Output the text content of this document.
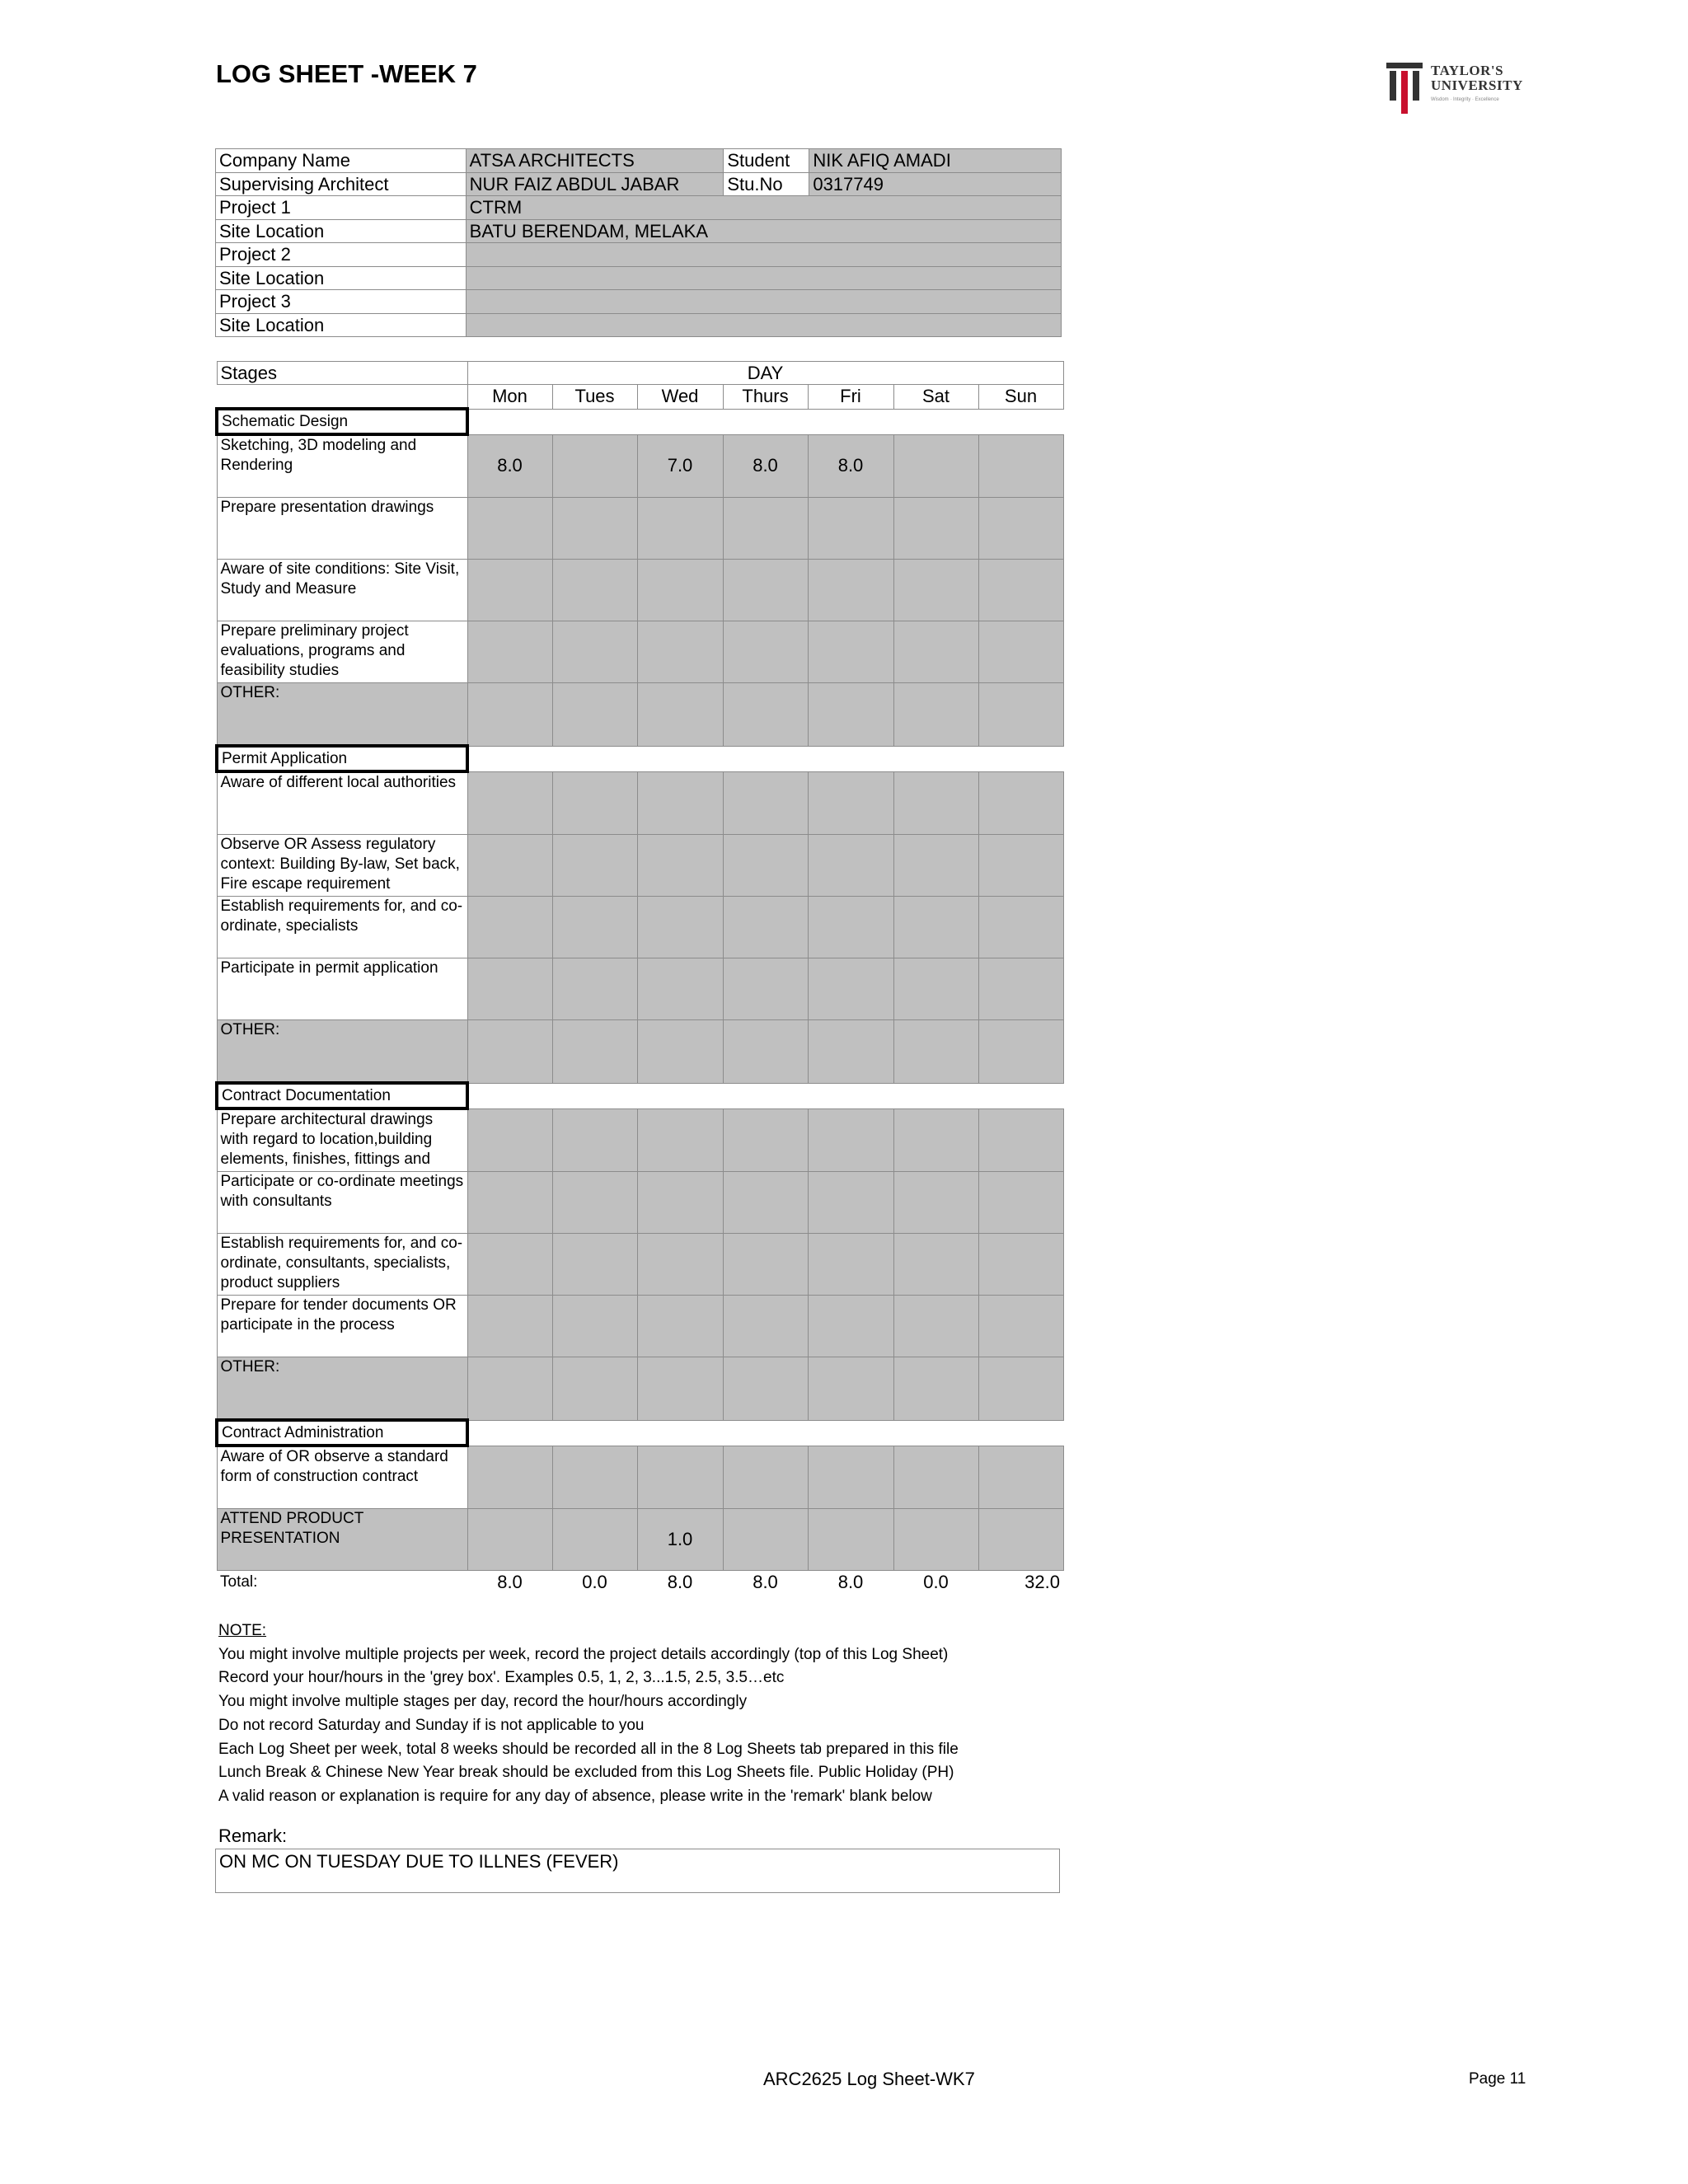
LOG SHEET -WEEK 7	TAYLOR'S
UNIVERSITY
Wisdom · Integrity · Excellence
Company Name	ATSA ARCHITECTS	Student	NIK AFIQ AMADI
Supervising Architect	NUR FAIZ ABDUL JABAR	Stu.No	0317749
Project 1	CTRM		
Site Location	BATU BERENDAM, MELAKA		
Project 2			
Site Location			
Project 3			
Site Location			
Stages	DAY						
	Mon	Tues	Wed	Thurs	Fri	Sat	Sun
Schematic Design							
Sketching, 3D modeling and Rendering	8.0		7.0	8.0	8.0		
Prepare presentation drawings							
Aware of site conditions: Site Visit, Study and Measure							
Prepare preliminary project evaluations, programs and feasibility studies							
OTHER:							
Permit Application							
Aware of different local authorities							
Observe OR Assess regulatory context: Building By-law, Set back, Fire escape requirement							
Establish requirements for, and co-ordinate, specialists							
Participate in permit application							
OTHER:							
Contract Documentation							
Prepare architectural drawings with regard to location,building elements, finishes, fittings and							
Participate or co-ordinate meetings with consultants							
Establish requirements for, and co-ordinate, consultants, specialists, product suppliers							
Prepare for tender documents OR participate in the process							
OTHER:							
Contract Administration							
Aware of OR observe a standard form of construction contract							
ATTEND PRODUCT PRESENTATION			1.0				
Total:	8.0	0.0	8.0	8.0	8.0	0.0	32.0
NOTE:
You might involve multiple projects per week, record the project details accordingly (top of this Log Sheet)
Record your hour/hours in the 'grey box'. Examples 0.5, 1, 2, 3...1.5, 2.5, 3.5…etc
You might involve multiple stages per day, record the hour/hours accordingly
Do not record Saturday and Sunday if is not applicable to you
Each Log Sheet per week, total 8 weeks should be recorded all in the 8 Log Sheets tab prepared in this file
Lunch Break & Chinese New Year break should be excluded from this Log Sheets file. Public Holiday (PH)
A valid reason or explanation is require for any day of absence, please write in the 'remark' blank below
Remark:
ON MC ON TUESDAY DUE TO ILLNES (FEVER)
ARC2625 Log Sheet-WK7	Page 11
